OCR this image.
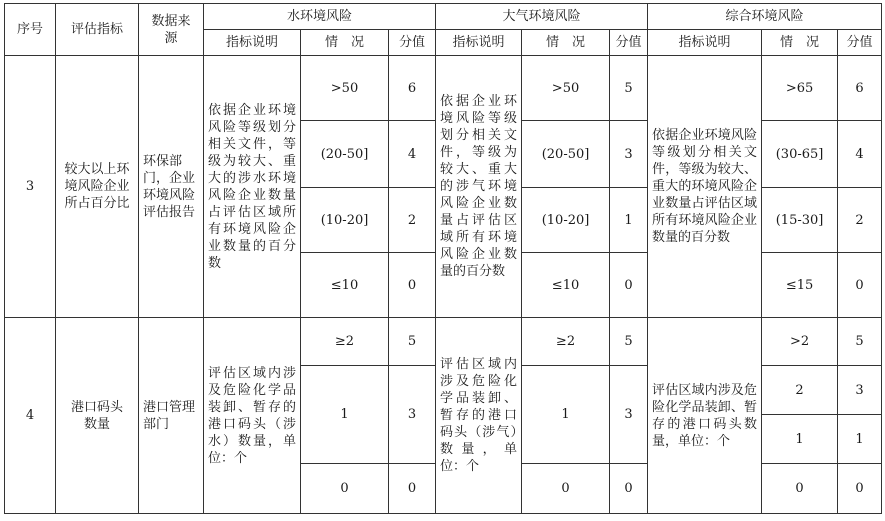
序号	评估指标	数据来源	水环境风险			大气环境风险			综合环境风险		
			指标说明	情　况	分值	指标说明	情　况	分值	指标说明	情　况	分值
3	较大以上环境风险企业所占百分比	环保部门，企业环境风险评估报告	依据企业环境风险等级划分相关文件，等级为较大、重大的涉水环境风险企业数量占评估区域所有环境风险企业数量的百分数	>50	6	依据企业环境风险等级划分相关文件，等级为较大、重大的涉气环境风险企业数量占评估区域所有环境风险企业数量的百分数	>50	5	依据企业环境风险等级划分相关文件，等级为较大、重大的环境风险企业数量占评估区域所有环境风险企业数量的百分数	>65	6
				(20-50]	4		(20-50]	3		(30-65]	4
				(10-20]	2		(10-20]	1		(15-30]	2
				≤10	0		≤10	0		≤15	0
4	港口码头数量	港口管理部门	评估区域内涉及危险化学品装卸、暂存的港口码头（涉水）数量，单位：个	≥2	5	评估区域内涉及危险化学品装卸、暂存的港口码头（涉气）数量，单位：个	≥2	5	评估区域内涉及危险化学品装卸、暂存的港口码头数量，单位：个	>2	5
				1	3		1	3		2	3
										1	1
				0	0		0	0		0	0
